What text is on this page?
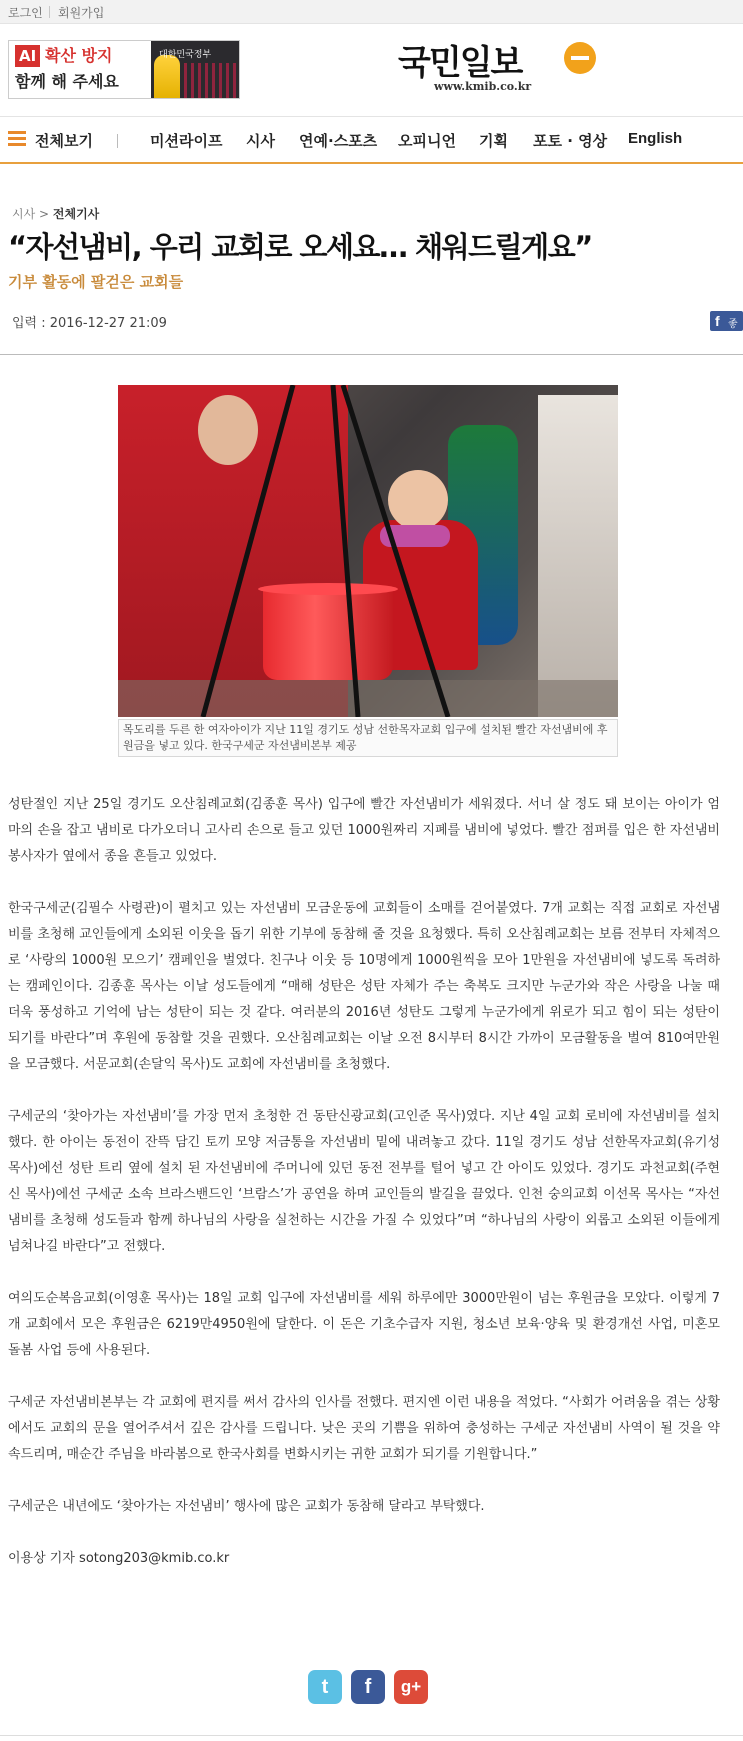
로그인 회원가입
AI 확산 방지
함께 해 주세요
대한민국정부	국민일보
www.kmib.co.kr
전체보기	미션라이프 시사 연예·스포츠 오피니언 기획 포토 · 영상 English
시사 > 전체기사
“자선냄비, 우리 교회로 오세요… 채워드릴게요”
기부 활동에 팔걷은 교회들
입력 : 2016-12-27 21:09	f 좋
목도리를 두른 한 여자아이가 지난 11일 경기도 성남 선한목자교회 입구에 설치된 빨간 자선냄비에 후원금을 넣고 있다. 한국구세군 자선냄비본부 제공

성탄절인 지난 25일 경기도 오산침례교회(김종훈 목사) 입구에 빨간 자선냄비가 세워졌다. 서너 살 정도 돼 보이는 아이가 엄마의 손을 잡고 냄비로 다가오더니 고사리 손으로 들고 있던 1000원짜리 지폐를 냄비에 넣었다. 빨간 점퍼를 입은 한 자선냄비 봉사자가 옆에서 종을 흔들고 있었다.

한국구세군(김필수 사령관)이 펼치고 있는 자선냄비 모금운동에 교회들이 소매를 걷어붙였다. 7개 교회는 직접 교회로 자선냄비를 초청해 교인들에게 소외된 이웃을 돕기 위한 기부에 동참해 줄 것을 요청했다. 특히 오산침례교회는 보름 전부터 자체적으로 ‘사랑의 1000원 모으기’ 캠페인을 벌였다. 친구나 이웃 등 10명에게 1000원씩을 모아 1만원을 자선냄비에 넣도록 독려하는 캠페인이다. 김종훈 목사는 이날 성도들에게 “매해 성탄은 성탄 자체가 주는 축복도 크지만 누군가와 작은 사랑을 나눌 때 더욱 풍성하고 기억에 남는 성탄이 되는 것 같다. 여러분의 2016년 성탄도 그렇게 누군가에게 위로가 되고 힘이 되는 성탄이 되기를 바란다”며 후원에 동참할 것을 권했다. 오산침례교회는 이날 오전 8시부터 8시간 가까이 모금활동을 벌여 810여만원을 모금했다. 서문교회(손달익 목사)도 교회에 자선냄비를 초청했다.

구세군의 ‘찾아가는 자선냄비’를 가장 먼저 초청한 건 동탄신광교회(고인준 목사)였다. 지난 4일 교회 로비에 자선냄비를 설치했다. 한 아이는 동전이 잔뜩 담긴 토끼 모양 저금통을 자선냄비 밑에 내려놓고 갔다. 11일 경기도 성남 선한목자교회(유기성 목사)에선 성탄 트리 옆에 설치 된 자선냄비에 주머니에 있던 동전 전부를 털어 넣고 간 아이도 있었다. 경기도 과천교회(주현신 목사)에선 구세군 소속 브라스밴드인 ‘브람스’가 공연을 하며 교인들의 발길을 끌었다. 인천 숭의교회 이선목 목사는 “자선냄비를 초청해 성도들과 함께 하나님의 사랑을 실천하는 시간을 가질 수 있었다”며 “하나님의 사랑이 외롭고 소외된 이들에게 넘쳐나길 바란다”고 전했다.

여의도순복음교회(이영훈 목사)는 18일 교회 입구에 자선냄비를 세워 하루에만 3000만원이 넘는 후원금을 모았다. 이렇게 7개 교회에서 모은 후원금은 6219만4950원에 달한다. 이 돈은 기초수급자 지원, 청소년 보육·양육 및 환경개선 사업, 미혼모 돌봄 사업 등에 사용된다.

구세군 자선냄비본부는 각 교회에 편지를 써서 감사의 인사를 전했다. 편지엔 이런 내용을 적었다. “사회가 어려움을 겪는 상황에서도 교회의 문을 열어주셔서 깊은 감사를 드립니다. 낮은 곳의 기쁨을 위하여 충성하는 구세군 자선냄비 사역이 될 것을 약속드리며, 매순간 주님을 바라봄으로 한국사회를 변화시키는 귀한 교회가 되기를 기원합니다.”

구세군은 내년에도 ‘찾아가는 자선냄비’ 행사에 많은 교회가 동참해 달라고 부탁했다.

이용상 기자 sotong203@kmib.co.kr

t	f	g+
